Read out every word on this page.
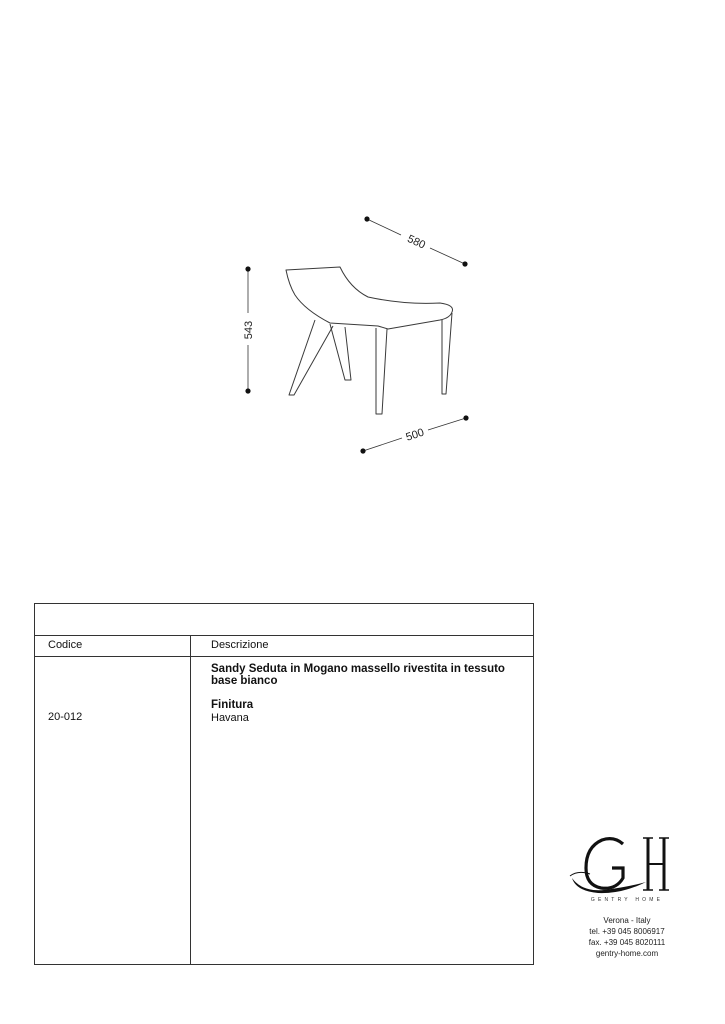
580
543
500
Codice	Descrizione
20-012
Sandy Seduta in Mogano massello rivestita in tessuto base bianco
Finitura
Havana
GENTRY HOME
Verona - Italy
tel. +39 045 8006917
fax. +39 045 8020111
gentry-home.com
